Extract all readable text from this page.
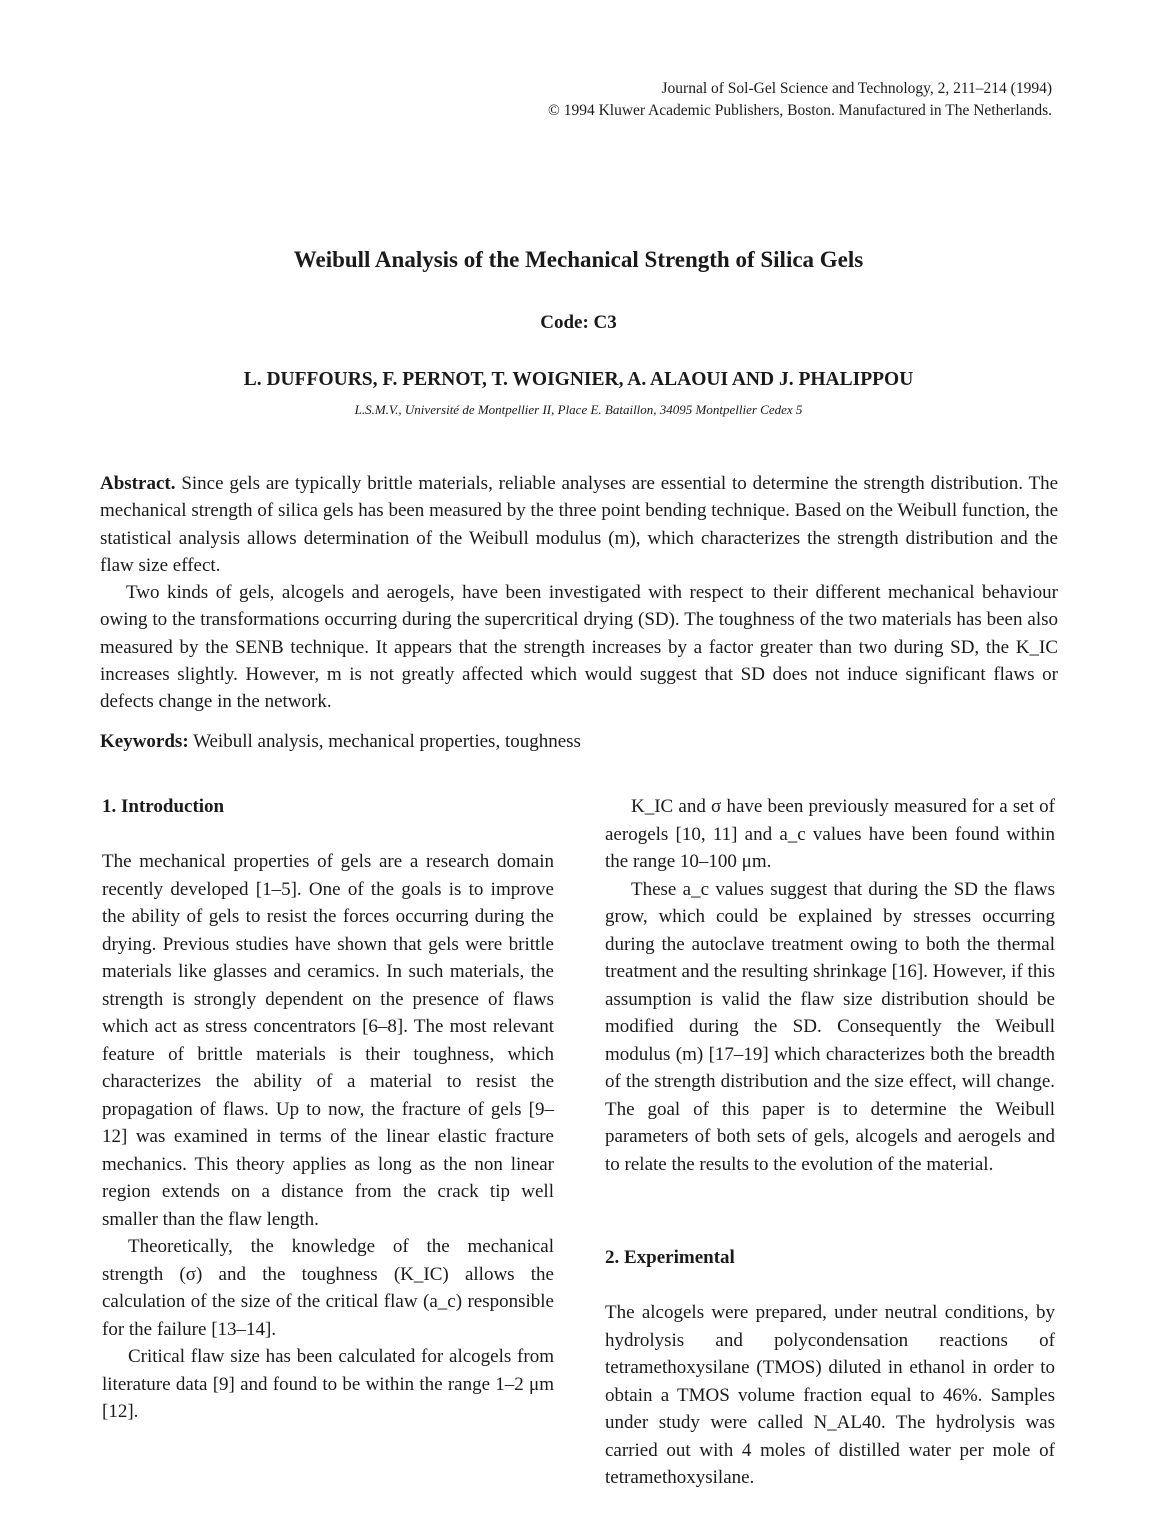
Journal of Sol-Gel Science and Technology, 2, 211–214 (1994)
© 1994 Kluwer Academic Publishers, Boston. Manufactured in The Netherlands.
Weibull Analysis of the Mechanical Strength of Silica Gels
Code: C3
L. DUFFOURS, F. PERNOT, T. WOIGNIER, A. ALAOUI AND J. PHALIPPOU
L.S.M.V., Université de Montpellier II, Place E. Bataillon, 34095 Montpellier Cedex 5

Abstract. Since gels are typically brittle materials, reliable analyses are essential to determine the strength distribution. The mechanical strength of silica gels has been measured by the three point bending technique. Based on the Weibull function, the statistical analysis allows determination of the Weibull modulus (m), which characterizes the strength distribution and the flaw size effect.

Two kinds of gels, alcogels and aerogels, have been investigated with respect to their different mechanical behaviour owing to the transformations occurring during the supercritical drying (SD). The toughness of the two materials has been also measured by the SENB technique. It appears that the strength increases by a factor greater than two during SD, the K_IC increases slightly. However, m is not greatly affected which would suggest that SD does not induce significant flaws or defects change in the network.

Keywords: Weibull analysis, mechanical properties, toughness
1. Introduction

The mechanical properties of gels are a research domain recently developed [1–5]. One of the goals is to improve the ability of gels to resist the forces occurring during the drying. Previous studies have shown that gels were brittle materials like glasses and ceramics. In such materials, the strength is strongly dependent on the presence of flaws which act as stress concentrators [6–8]. The most relevant feature of brittle materials is their toughness, which characterizes the ability of a material to resist the propagation of flaws. Up to now, the fracture of gels [9–12] was examined in terms of the linear elastic fracture mechanics. This theory applies as long as the non linear region extends on a distance from the crack tip well smaller than the flaw length.

Theoretically, the knowledge of the mechanical strength (σ) and the toughness (K_IC) allows the calculation of the size of the critical flaw (a_c) responsible for the failure [13–14].

Critical flaw size has been calculated for alcogels from literature data [9] and found to be within the range 1–2 μm [12].

K_IC and σ have been previously measured for a set of aerogels [10, 11] and a_c values have been found within the range 10–100 μm.

These a_c values suggest that during the SD the flaws grow, which could be explained by stresses occurring during the autoclave treatment owing to both the thermal treatment and the resulting shrinkage [16]. However, if this assumption is valid the flaw size distribution should be modified during the SD. Consequently the Weibull modulus (m) [17–19] which characterizes both the breadth of the strength distribution and the size effect, will change. The goal of this paper is to determine the Weibull parameters of both sets of gels, alcogels and aerogels and to relate the results to the evolution of the material.

2. Experimental

The alcogels were prepared, under neutral conditions, by hydrolysis and polycondensation reactions of tetramethoxysilane (TMOS) diluted in ethanol in order to obtain a TMOS volume fraction equal to 46%. Samples under study were called N_AL40. The hydrolysis was carried out with 4 moles of distilled water per mole of tetramethoxysilane.
